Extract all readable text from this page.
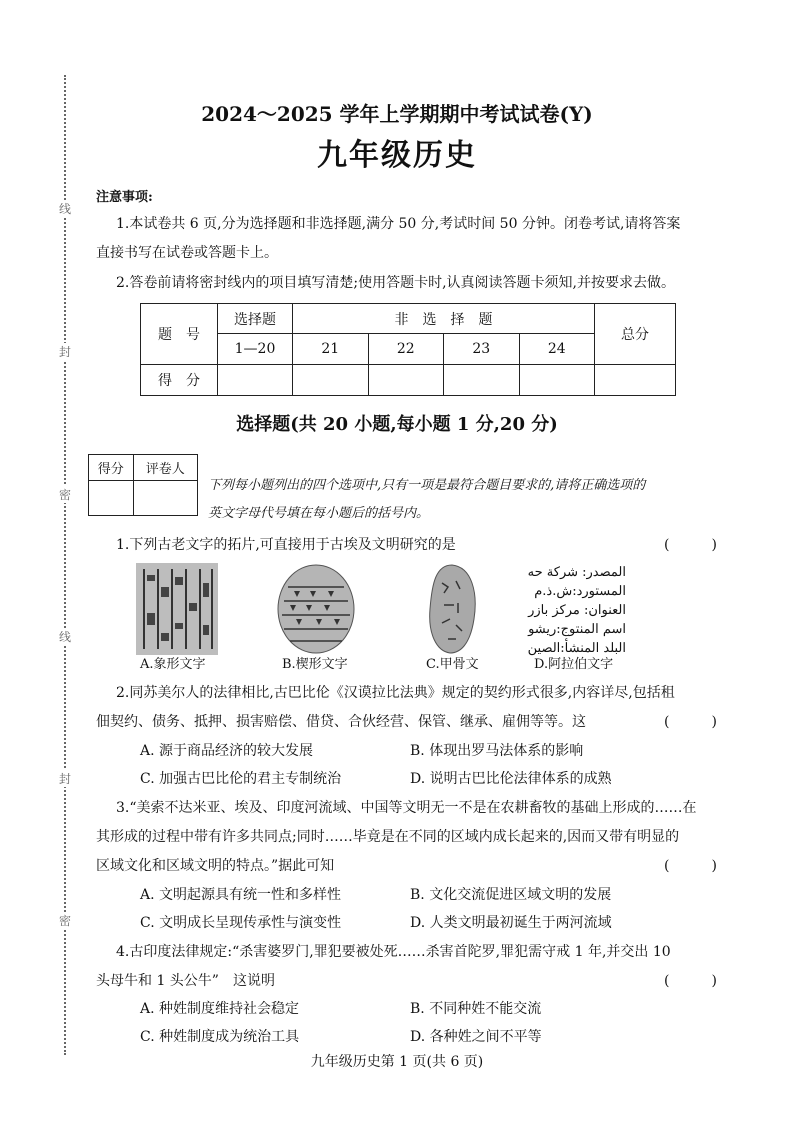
线
封
密
线
封
密
2024～2025 学年上学期期中考试试卷(Y)
九年级历史
注意事项:
1.本试卷共 6 页,分为选择题和非选择题,满分 50 分,考试时间 50 分钟。闭卷考试,请将答案
直接书写在试卷或答题卡上。
2.答卷前请将密封线内的项目填写清楚;使用答题卡时,认真阅读答题卡须知,并按要求去做。
题　号	选择题	非　选　择　题				总分
	1—20	21	22	23	24	
得　分						
选择题(共 20 小题,每小题 1 分,20 分)
得分	评卷人

下列每小题列出的四个选项中,只有一项是最符合题目要求的,请将正确选项的
英文字母代号填在每小题后的括号内。
1.下列古老文字的拓片,可直接用于古埃及文明研究的是	(　　　)
المصدر: شركة حه
المستورد:ش.ذ.م
العنوان: مركز بازر
اسم المنتوج:ريشو
البلد المنشأ:الصين
A.象形文字	B.楔形文字	C.甲骨文	D.阿拉伯文字
2.同苏美尔人的法律相比,古巴比伦《汉谟拉比法典》规定的契约形式很多,内容详尽,包括租
佃契约、债务、抵押、损害赔偿、借贷、合伙经营、保管、继承、雇佣等等。这	(　　　)
A. 源于商品经济的较大发展	B. 体现出罗马法体系的影响
C. 加强古巴比伦的君主专制统治	D. 说明古巴比伦法律体系的成熟
3.“美索不达米亚、埃及、印度河流域、中国等文明无一不是在农耕畜牧的基础上形成的……在
其形成的过程中带有许多共同点;同时……毕竟是在不同的区域内成长起来的,因而又带有明显的
区域文化和区域文明的特点。”据此可知	(　　　)
A. 文明起源具有统一性和多样性	B. 文化交流促进区域文明的发展
C. 文明成长呈现传承性与演变性	D. 人类文明最初诞生于两河流域
4.古印度法律规定:“杀害婆罗门,罪犯要被处死……杀害首陀罗,罪犯需守戒 1 年,并交出 10
头母牛和 1 头公牛”　这说明	(　　　)
A. 种姓制度维持社会稳定	B. 不同种姓不能交流
C. 种姓制度成为统治工具	D. 各种姓之间不平等
九年级历史第 1 页(共 6 页)
